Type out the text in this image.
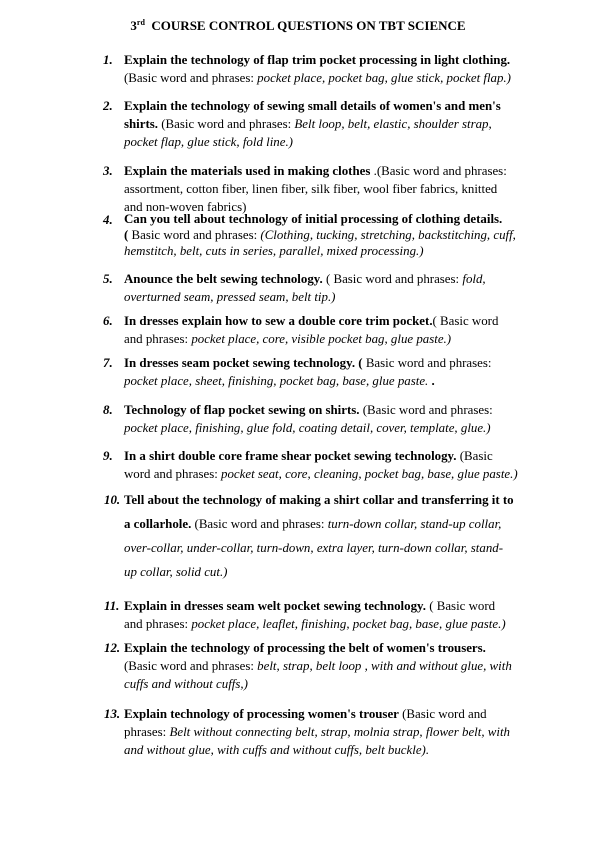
3rd COURSE CONTROL QUESTIONS ON TBT SCIENCE
1. Explain the technology of flap trim pocket processing in light clothing.
(Basic word and phrases: pocket place, pocket bag, glue stick, pocket flap.)
2. Explain the technology of sewing small details of women's and men's
shirts. (Basic word and phrases: Belt loop, belt, elastic, shoulder strap,
pocket flap, glue stick, fold line.)
3. Explain the materials used in making clothes .(Basic word and phrases:
assortment, cotton fiber, linen fiber, silk fiber, wool fiber fabrics, knitted
and non-woven fabrics)
4. Can you tell about technology of initial processing of clothing details.
( Basic word and phrases: (Clothing, tucking, stretching, backstitching, cuff,
hemstitch, belt, cuts in series, parallel, mixed processing.)
5. Anounce the belt sewing technology. ( Basic word and phrases: fold,
overturned seam, pressed seam, belt tip.)
6. In dresses explain how to sew a double core trim pocket.( Basic word
and phrases: pocket place, core, visible pocket bag, glue paste.)
7. In dresses seam pocket sewing technology. ( Basic word and phrases:
pocket place, sheet, finishing, pocket bag, base, glue paste. .
8. Technology of flap pocket sewing on shirts. (Basic word and phrases:
pocket place, finishing, glue fold, coating detail, cover, template, glue.)
9. In a shirt double core frame shear pocket sewing technology. (Basic
word and phrases: pocket seat, core, cleaning, pocket bag, base, glue paste.)
10. Tell about the technology of making a shirt collar and transferring it to
a collarhole. (Basic word and phrases: turn-down collar, stand-up collar,
over-collar, under-collar, turn-down, extra layer, turn-down collar, stand-
up collar, solid cut.)
11. Explain in dresses seam welt pocket sewing technology. ( Basic word
and phrases: pocket place, leaflet, finishing, pocket bag, base, glue paste.)
12. Explain the technology of processing the belt of women's trousers.
(Basic word and phrases: belt, strap, belt loop , with and without glue, with
cuffs and without cuffs,)
13. Explain technology of processing women's trouser (Basic word and
phrases: Belt without connecting belt, strap, molnia strap, flower belt, with
and without glue, with cuffs and without cuffs, belt buckle).
